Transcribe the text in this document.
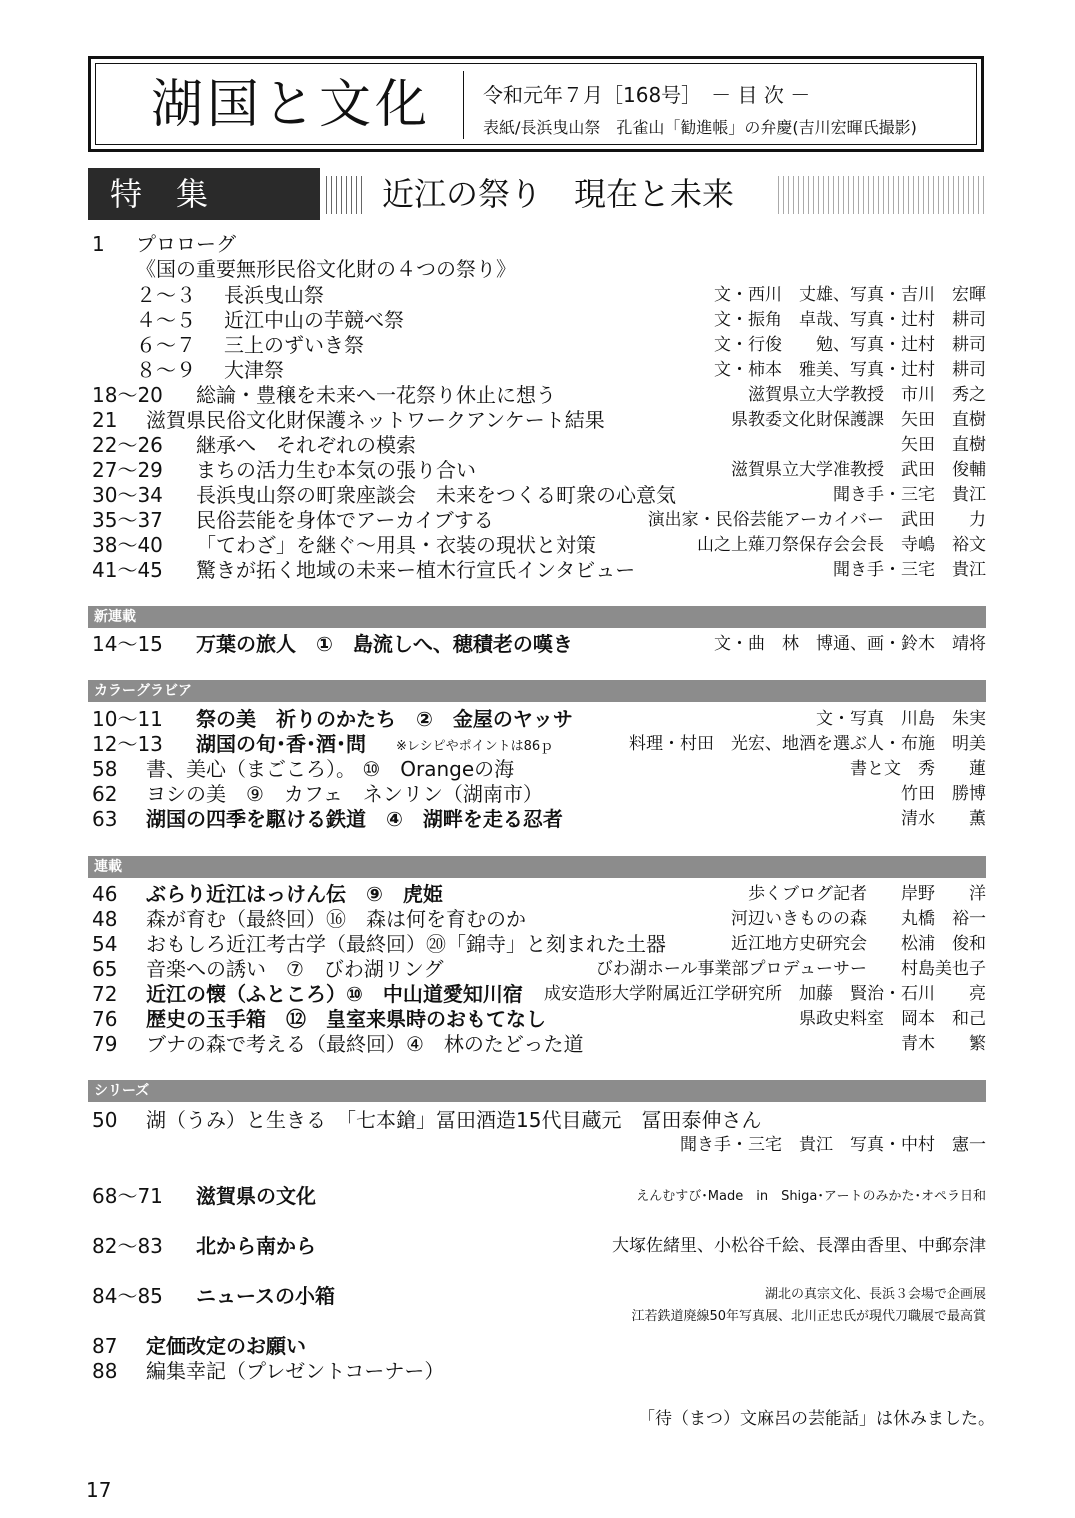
湖国と文化	令和元年７月［168号］　－ 目 次 －
表紙/長浜曳山祭　孔雀山「勧進帳」の弁慶(吉川宏暉氏撮影)
特集	近江の祭り　現在と未来
1 プロローグ
《国の重要無形民俗文化財の４つの祭り》
２～３ 長浜曳山祭	文・西川　丈雄、写真・吉川　宏暉
４～５ 近江中山の芋競べ祭	文・振角　卓哉、写真・辻村　耕司
６～７ 三上のずいき祭	文・行俊　　勉、写真・辻村　耕司
８～９ 大津祭	文・柿本　雅美、写真・辻村　耕司
18～20 総論・豊穣を未来へ一花祭り休止に想う	滋賀県立大学教授　市川　秀之
21 滋賀県民俗文化財保護ネットワークアンケート結果	県教委文化財保護課　矢田　直樹
22～26 継承へ　それぞれの模索	矢田　直樹
27～29 まちの活力生む本気の張り合い	滋賀県立大学准教授　武田　俊輔
30～34 長浜曳山祭の町衆座談会　未来をつくる町衆の心意気	聞き手・三宅　貴江
35～37 民俗芸能を身体でアーカイブする	演出家・民俗芸能アーカイバー　武田　　力
38～40 「てわざ」を継ぐ～用具・衣装の現状と対策	山之上薙刀祭保存会会長　寺嶋　裕文
41～45 驚きが拓く地域の未来ー植木行宣氏インタビュー	聞き手・三宅　貴江
新連載
14～15 万葉の旅人　①　島流しへ、穂積老の嘆き	文・曲　林　博通、画・鈴木　靖将
カラーグラビア
10～11 祭の美　祈りのかたち　②　金屋のヤッサ	文・写真　川島　朱実
12～13 湖国の旬･香･酒･問 ※レシピやポイントは86ｐ	料理・村田　光宏、地酒を選ぶ人・布施　明美
58 書、美心（まごころ）。 ⑩　Orangeの海	書と文　秀　　蓮
62 ヨシの美　⑨　カフェ　ネンリン（湖南市）	竹田　勝博
63 湖国の四季を駆ける鉄道　④　湖畔を走る忍者	清水　　薫
連載
46 ぶらり近江はっけん伝　⑨　虎姫	歩くブログ記者　　岸野　　洋
48 森が育む（最終回）⑯　森は何を育むのか	河辺いきものの森　　丸橋　裕一
54 おもしろ近江考古学（最終回）⑳「錦寺」と刻まれた土器	近江地方史研究会　　松浦　俊和
65 音楽への誘い　⑦　びわ湖リング	びわ湖ホール事業部プロデューサー　　村島美也子
72 近江の懐（ふところ）⑩　中山道愛知川宿 成安造形大学附属近江学研究所　加藤　賢治・石川　　亮
76 歴史の玉手箱　⑫　皇室来県時のおもてなし	県政史料室　岡本　和己
79 ブナの森で考える（最終回）④　林のたどった道	青木　　繁
シリーズ
50 湖（うみ）と生きる　「七本鎗」冨田酒造15代目蔵元　冨田泰伸さん
聞き手・三宅　貴江　写真・中村　憲一
68～71 滋賀県の文化	えんむすび･Made　in　Shiga･アートのみかた･オペラ日和
82～83 北から南から	大塚佐緒里、小松谷千絵、長澤由香里、中郵奈津
84～85 ニュースの小箱	湖北の真宗文化、長浜３会場で企画展
江若鉄道廃線50年写真展、北川正忠氏が現代刀職展で最高賞
87 定価改定のお願い
88 編集幸記（プレゼントコーナー）
「待（まつ）文麻呂の芸能話」は休みました。
17
